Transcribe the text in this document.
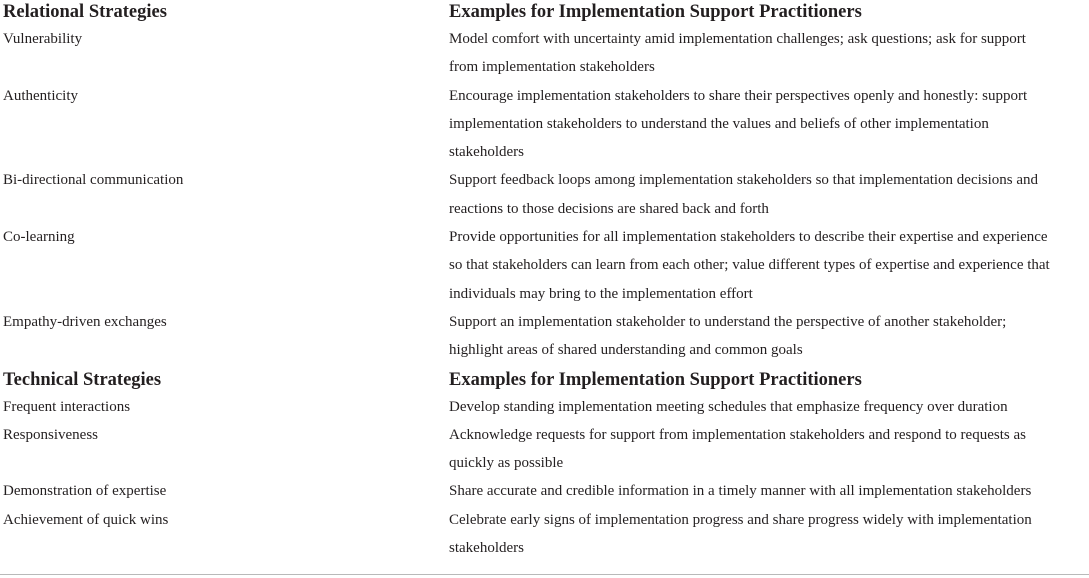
Relational Strategies	Examples for Implementation Support Practitioners
Vulnerability	Model comfort with uncertainty amid implementation challenges; ask questions; ask for support
from implementation stakeholders
Authenticity	Encourage implementation stakeholders to share their perspectives openly and honestly: support
implementation stakeholders to understand the values and beliefs of other implementation
stakeholders
Bi-directional communication	Support feedback loops among implementation stakeholders so that implementation decisions and
reactions to those decisions are shared back and forth
Co-learning	Provide opportunities for all implementation stakeholders to describe their expertise and experience
so that stakeholders can learn from each other; value different types of expertise and experience that
individuals may bring to the implementation effort
Empathy-driven exchanges	Support an implementation stakeholder to understand the perspective of another stakeholder;
highlight areas of shared understanding and common goals
Technical Strategies	Examples for Implementation Support Practitioners
Frequent interactions	Develop standing implementation meeting schedules that emphasize frequency over duration
Responsiveness	Acknowledge requests for support from implementation stakeholders and respond to requests as
quickly as possible
Demonstration of expertise	Share accurate and credible information in a timely manner with all implementation stakeholders
Achievement of quick wins	Celebrate early signs of implementation progress and share progress widely with implementation
stakeholders
